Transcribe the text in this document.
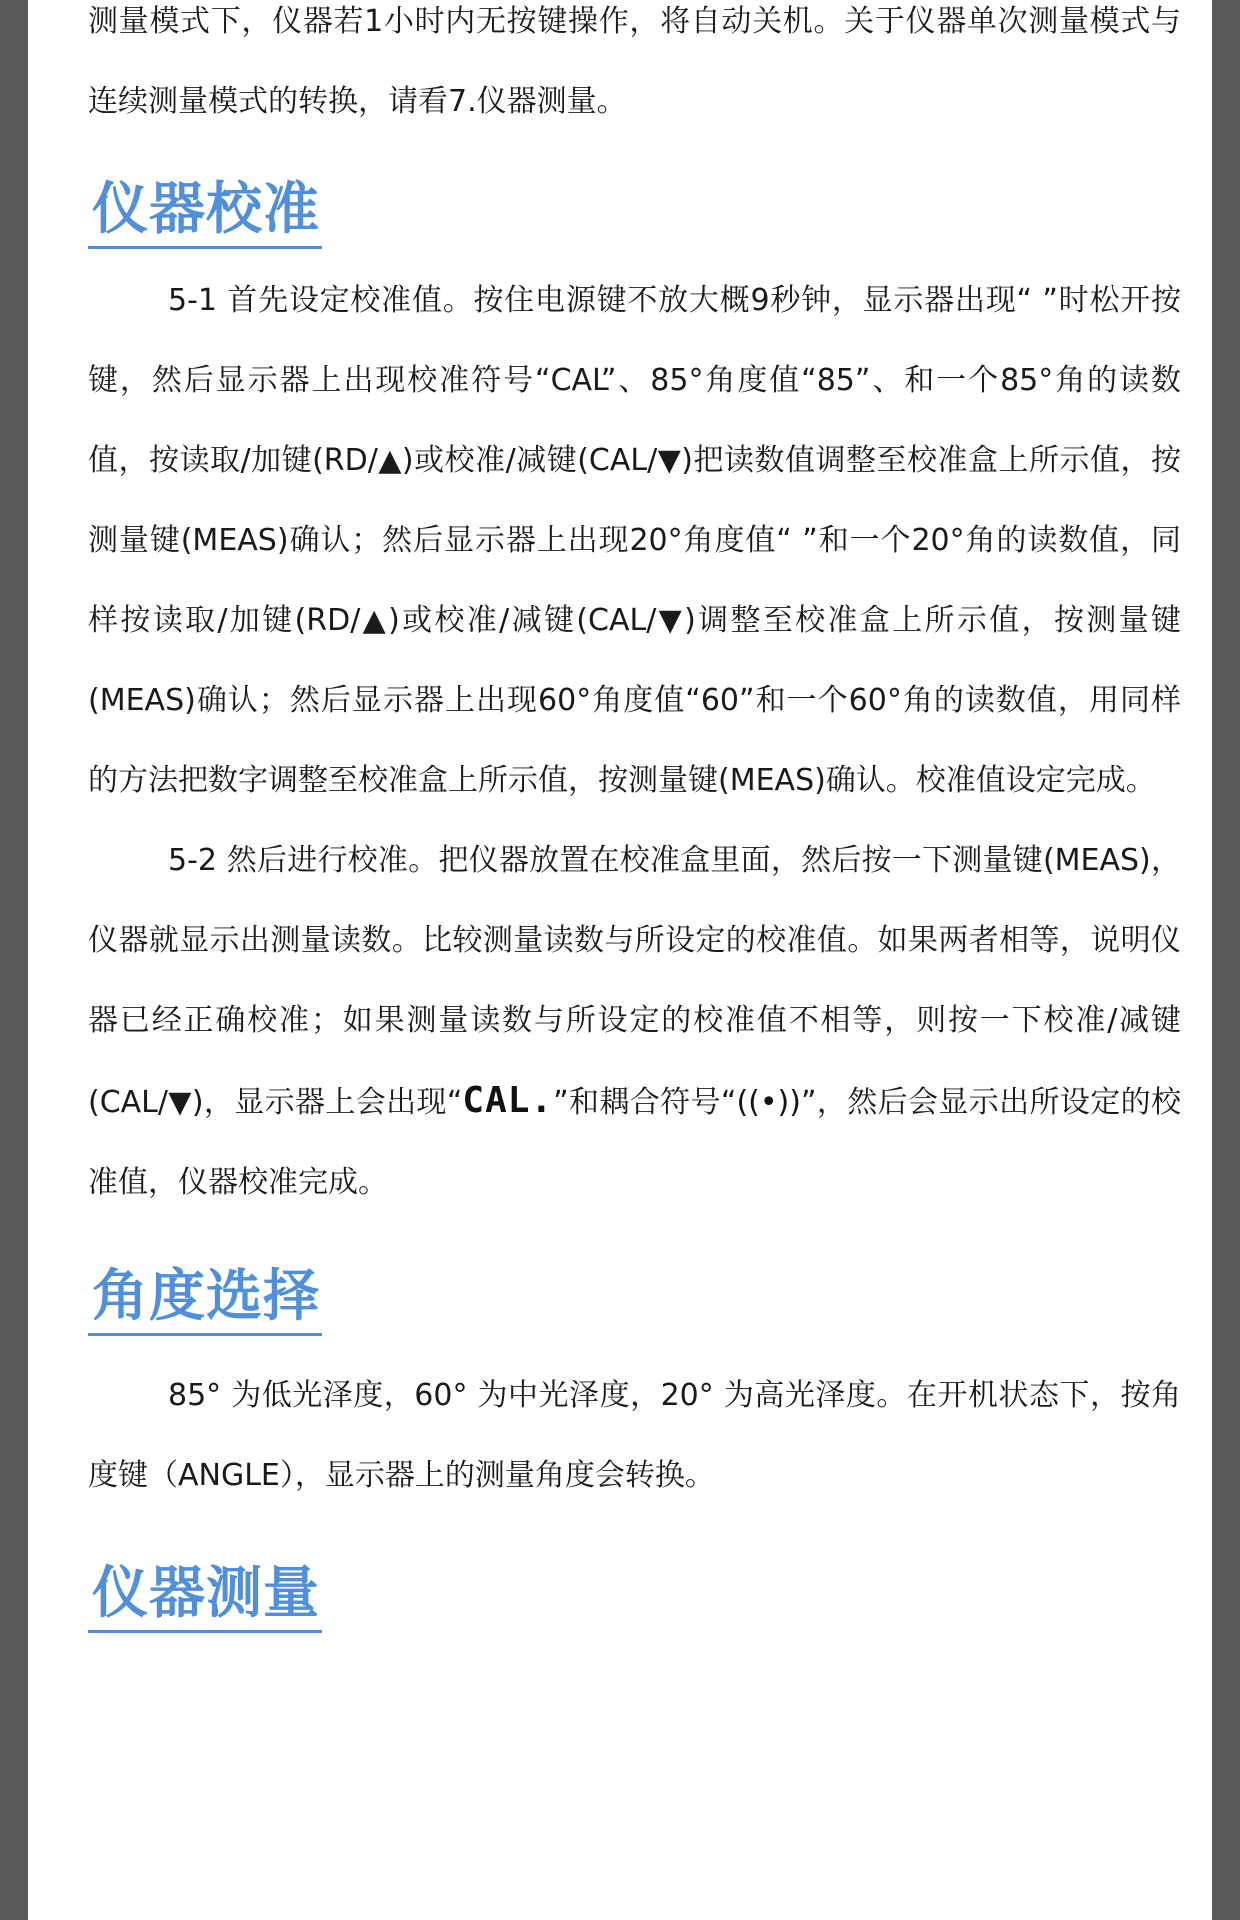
测量模式下，仪器若1小时内无按键操作，将自动关机。关于仪器单次测量模式与连续测量模式的转换，请看7.仪器测量。

仪器校准

5-1 首先设定校准值。按住电源键不放大概9秒钟，显示器出现“ ”时松开按键，然后显示器上出现校准符号“CAL”、85°角度值“85”、和一个85°角的读数值，按读取/加键(RD/▲)或校准/减键(CAL/▼)把读数值调整至校准盒上所示值，按测量键(MEAS)确认；然后显示器上出现20°角度值“ ”和一个20°角的读数值，同样按读取/加键(RD/▲)或校准/减键(CAL/▼)调整至校准盒上所示值，按测量键(MEAS)确认；然后显示器上出现60°角度值“60”和一个60°角的读数值，用同样的方法把数字调整至校准盒上所示值，按测量键(MEAS)确认。校准值设定完成。

5-2 然后进行校准。把仪器放置在校准盒里面，然后按一下测量键(MEAS)，仪器就显示出测量读数。比较测量读数与所设定的校准值。如果两者相等，说明仪器已经正确校准；如果测量读数与所设定的校准值不相等，则按一下校准/减键(CAL/▼)，显示器上会出现“CAL.”和耦合符号“((•))”，然后会显示出所设定的校准值，仪器校准完成。

角度选择

85° 为低光泽度，60° 为中光泽度，20° 为高光泽度。在开机状态下，按角度键（ANGLE），显示器上的测量角度会转换。

仪器测量
